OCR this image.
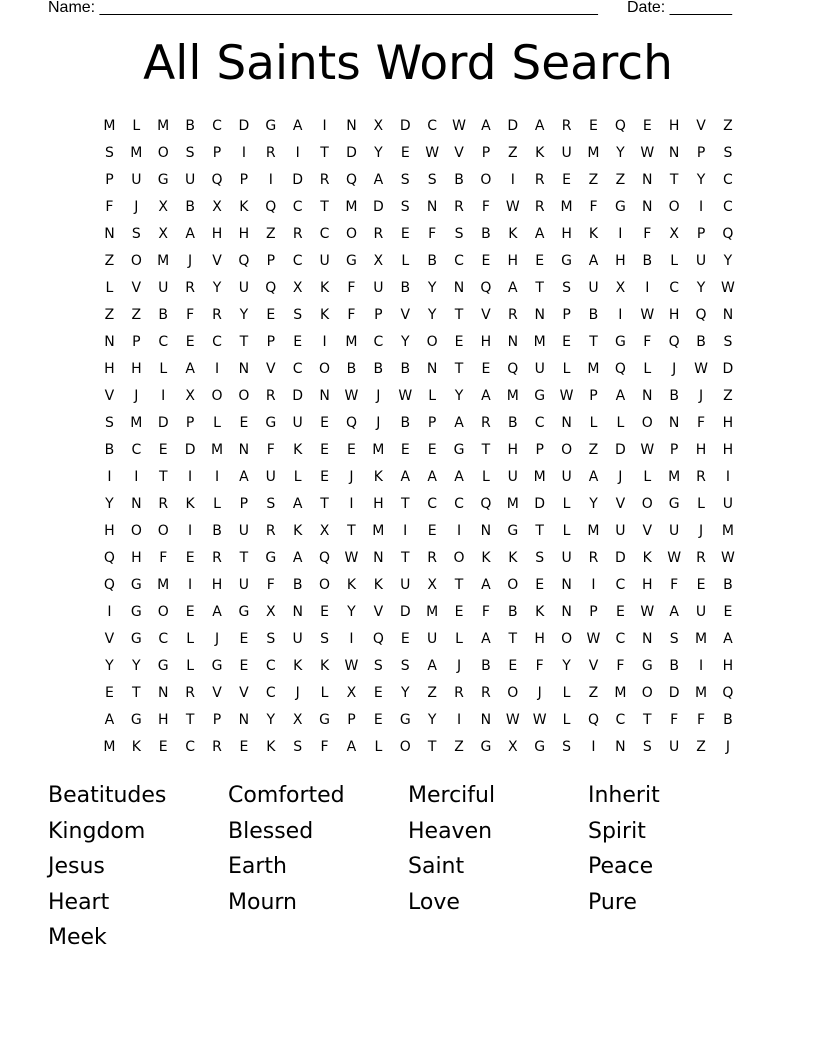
Name: ________________________________________________________ Date: _______
All Saints Word Search
M	L	M	B	C	D	G	A	I	N	X	D	C	W	A	D	A	R	E	Q	E	H	V	Z
S	M	O	S	P	I	R	I	T	D	Y	E	W	V	P	Z	K	U	M	Y	W	N	P	S
P	U	G	U	Q	P	I	D	R	Q	A	S	S	B	O	I	R	E	Z	Z	N	T	Y	C
F	J	X	B	X	K	Q	C	T	M	D	S	N	R	F	W	R	M	F	G	N	O	I	C
N	S	X	A	H	H	Z	R	C	O	R	E	F	S	B	K	A	H	K	I	F	X	P	Q
Z	O	M	J	V	Q	P	C	U	G	X	L	B	C	E	H	E	G	A	H	B	L	U	Y
L	V	U	R	Y	U	Q	X	K	F	U	B	Y	N	Q	A	T	S	U	X	I	C	Y	W
Z	Z	B	F	R	Y	E	S	K	F	P	V	Y	T	V	R	N	P	B	I	W	H	Q	N
N	P	C	E	C	T	P	E	I	M	C	Y	O	E	H	N	M	E	T	G	F	Q	B	S
H	H	L	A	I	N	V	C	O	B	B	B	N	T	E	Q	U	L	M	Q	L	J	W	D
V	J	I	X	O	O	R	D	N	W	J	W	L	Y	A	M	G	W	P	A	N	B	J	Z
S	M	D	P	L	E	G	U	E	Q	J	B	P	A	R	B	C	N	L	L	O	N	F	H
B	C	E	D	M	N	F	K	E	E	M	E	E	G	T	H	P	O	Z	D	W	P	H	H
I	I	T	I	I	A	U	L	E	J	K	A	A	A	L	U	M	U	A	J	L	M	R	I
Y	N	R	K	L	P	S	A	T	I	H	T	C	C	Q	M	D	L	Y	V	O	G	L	U
H	O	O	I	B	U	R	K	X	T	M	I	E	I	N	G	T	L	M	U	V	U	J	M
Q	H	F	E	R	T	G	A	Q	W	N	T	R	O	K	K	S	U	R	D	K	W	R	W
Q	G	M	I	H	U	F	B	O	K	K	U	X	T	A	O	E	N	I	C	H	F	E	B
I	G	O	E	A	G	X	N	E	Y	V	D	M	E	F	B	K	N	P	E	W	A	U	E
V	G	C	L	J	E	S	U	S	I	Q	E	U	L	A	T	H	O	W	C	N	S	M	A
Y	Y	G	L	G	E	C	K	K	W	S	S	A	J	B	E	F	Y	V	F	G	B	I	H
E	T	N	R	V	V	C	J	L	X	E	Y	Z	R	R	O	J	L	Z	M	O	D	M	Q
A	G	H	T	P	N	Y	X	G	P	E	G	Y	I	N	W W	L	Q	C	T	F	F	B
M	K	E	C	R	E	K	S	F	A	L	O	T	Z	G	X	G	S	I	N	S	U	Z	J
Beatitudes	Comforted	Merciful	Inherit
Kingdom	Blessed	Heaven	Spirit
Jesus	Earth	Saint	Peace
Heart	Mourn	Love	Pure
Meek
